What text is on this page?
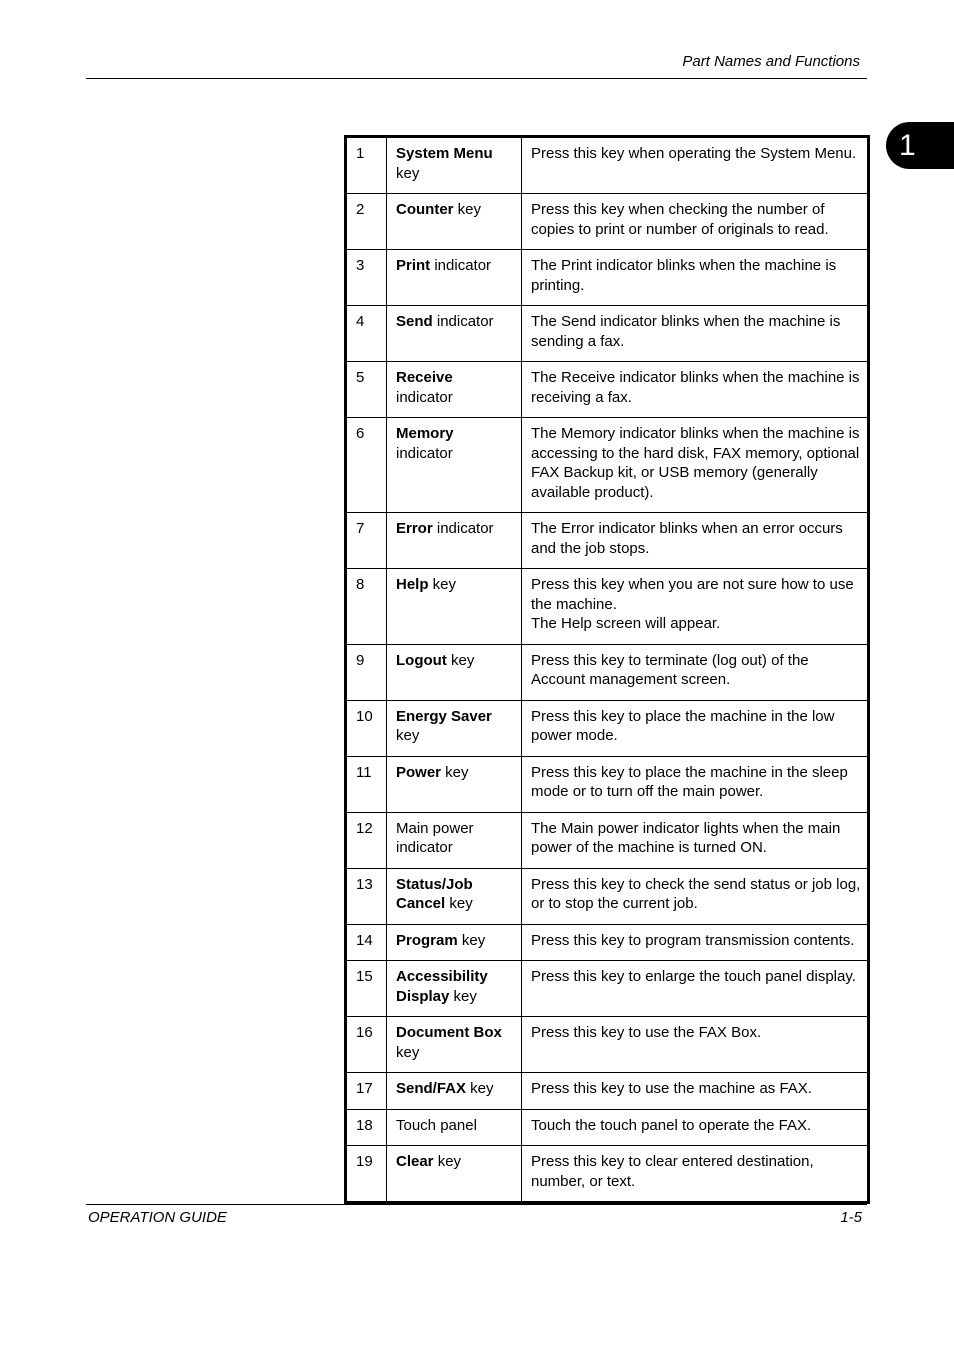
Part Names and Functions
1
1	System Menu key	Press this key when operating the System Menu.
2	Counter key	Press this key when checking the number of copies to print or number of originals to read.
3	Print indicator	The Print indicator blinks when the machine is printing.
4	Send indicator	The Send indicator blinks when the machine is sending a fax.
5	Receive indicator	The Receive indicator blinks when the machine is receiving a fax.
6	Memory indicator	The Memory indicator blinks when the machine is accessing to the hard disk, FAX memory, optional FAX Backup kit, or USB memory (generally available product).
7	Error indicator	The Error indicator blinks when an error occurs and the job stops.
8	Help key	Press this key when you are not sure how to use the machine.
The Help screen will appear.
9	Logout key	Press this key to terminate (log out) of the Account management screen.
10	Energy Saver key	Press this key to place the machine in the low power mode.
11	Power key	Press this key to place the machine in the sleep mode or to turn off the main power.
12	Main power indicator	The Main power indicator lights when the main power of the machine is turned ON.
13	Status/Job Cancel key	Press this key to check the send status or job log, or to stop the current job.
14	Program key	Press this key to program transmission contents.
15	Accessibility Display key	Press this key to enlarge the touch panel display.
16	Document Box key	Press this key to use the FAX Box.
17	Send/FAX key	Press this key to use the machine as FAX.
18	Touch panel	Touch the touch panel to operate the FAX.
19	Clear key	Press this key to clear entered destination, number, or text.
OPERATION GUIDE	1-5
